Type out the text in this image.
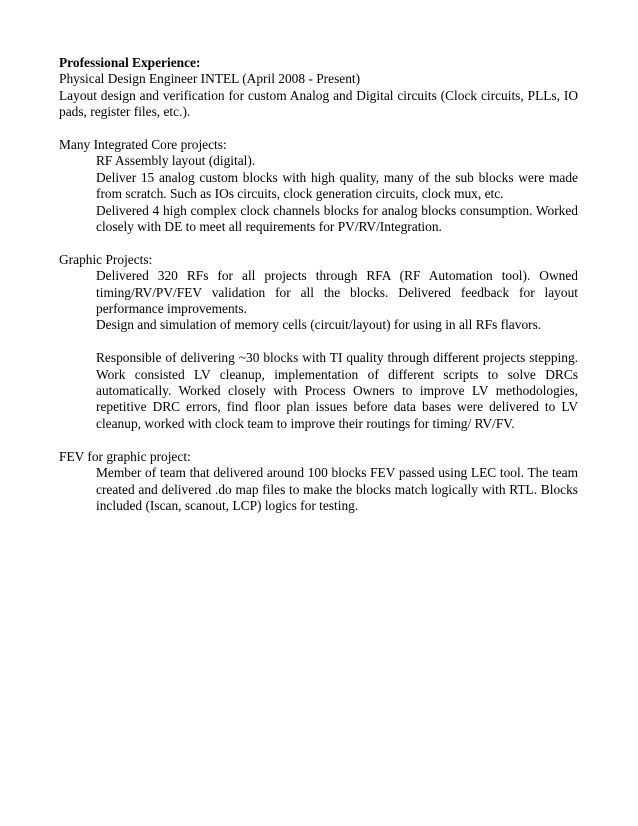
Professional Experience:

Physical Design Engineer INTEL (April 2008 - Present)

Layout design and verification for custom Analog and Digital circuits (Clock circuits, PLLs, IO pads, register files, etc.).

Many Integrated Core projects:

RF Assembly layout (digital).

Deliver 15 analog custom blocks with high quality, many of the sub blocks were made from scratch. Such as IOs circuits, clock generation circuits, clock mux, etc.

Delivered 4 high complex clock channels blocks for analog blocks consumption. Worked closely with DE to meet all requirements for PV/RV/Integration.

Graphic Projects:

Delivered 320 RFs for all projects through RFA (RF Automation tool). Owned timing/RV/PV/FEV validation for all the blocks. Delivered feedback for layout performance improvements.

Design and simulation of memory cells (circuit/layout) for using in all RFs flavors.

Responsible of delivering ~30 blocks with TI quality through different projects stepping. Work consisted LV cleanup, implementation of different scripts to solve DRCs automatically. Worked closely with Process Owners to improve LV methodologies, repetitive DRC errors, find floor plan issues before data bases were delivered to LV cleanup, worked with clock team to improve their routings for timing/ RV/FV.

FEV for graphic project:

Member of team that delivered around 100 blocks FEV passed using LEC tool. The team created and delivered .do map files to make the blocks match logically with RTL. Blocks included (Iscan, scanout, LCP) logics for testing.
